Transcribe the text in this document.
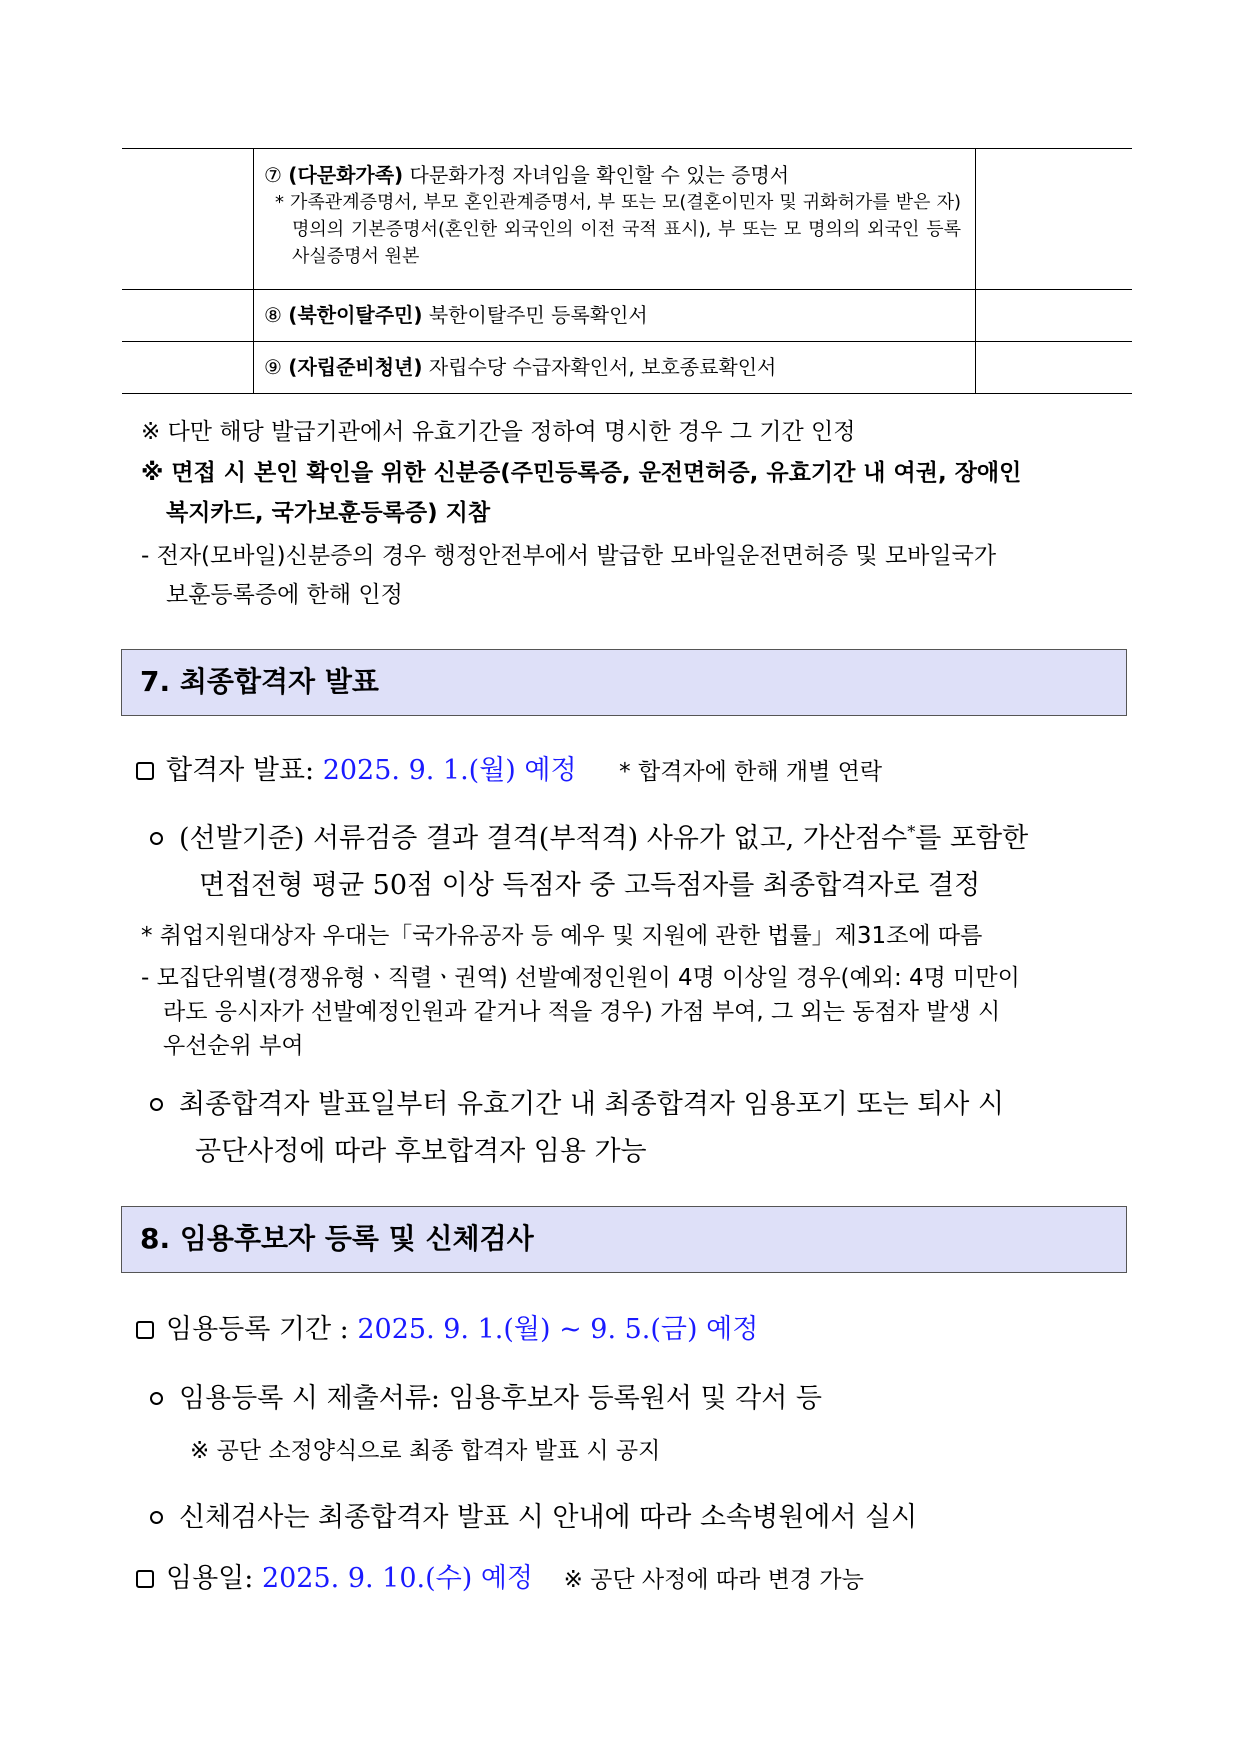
	⑦ (다문화가족) 다문화가정 자녀임을 확인할 수 있는 증명서
* 가족관계증명서, 부모 혼인관계증명서, 부 또는 모(결혼이민자 및 귀화허가를 받은 자) 명의의 기본증명서(혼인한 외국인의 이전 국적 표시), 부 또는 모 명의의 외국인 등록사실증명서 원본	

	⑧ (북한이탈주민) 북한이탈주민 등록확인서	

	⑨ (자립준비청년) 자립수당 수급자확인서, 보호종료확인서	

※ 다만 해당 발급기관에서 유효기간을 정하여 명시한 경우 그 기간 인정
※ 면접 시 본인 확인을 위한 신분증(주민등록증, 운전면허증, 유효기간 내 여권, 장애인
복지카드, 국가보훈등록증) 지참
- 전자(모바일)신분증의 경우 행정안전부에서 발급한 모바일운전면허증 및 모바일국가
보훈등록증에 한해 인정
7. 최종합격자 발표
합격자 발표: 2025. 9. 1.(월) 예정 * 합격자에 한해 개별 연락
(선발기준) 서류검증 결과 결격(부적격) 사유가 없고, 가산점수*를 포함한
면접전형 평균 50점 이상 득점자 중 고득점자를 최종합격자로 결정
* 취업지원대상자 우대는「국가유공자 등 예우 및 지원에 관한 법률」제31조에 따름
- 모집단위별(경쟁유형ㆍ직렬ㆍ권역) 선발예정인원이 4명 이상일 경우(예외: 4명 미만이
라도 응시자가 선발예정인원과 같거나 적을 경우) 가점 부여, 그 외는 동점자 발생 시
우선순위 부여
최종합격자 발표일부터 유효기간 내 최종합격자 임용포기 또는 퇴사 시
공단사정에 따라 후보합격자 임용 가능
8. 임용후보자 등록 및 신체검사
임용등록 기간 : 2025. 9. 1.(월) ~ 9. 5.(금) 예정
임용등록 시 제출서류: 임용후보자 등록원서 및 각서 등
※ 공단 소정양식으로 최종 합격자 발표 시 공지
신체검사는 최종합격자 발표 시 안내에 따라 소속병원에서 실시
임용일: 2025. 9. 10.(수) 예정 ※ 공단 사정에 따라 변경 가능
